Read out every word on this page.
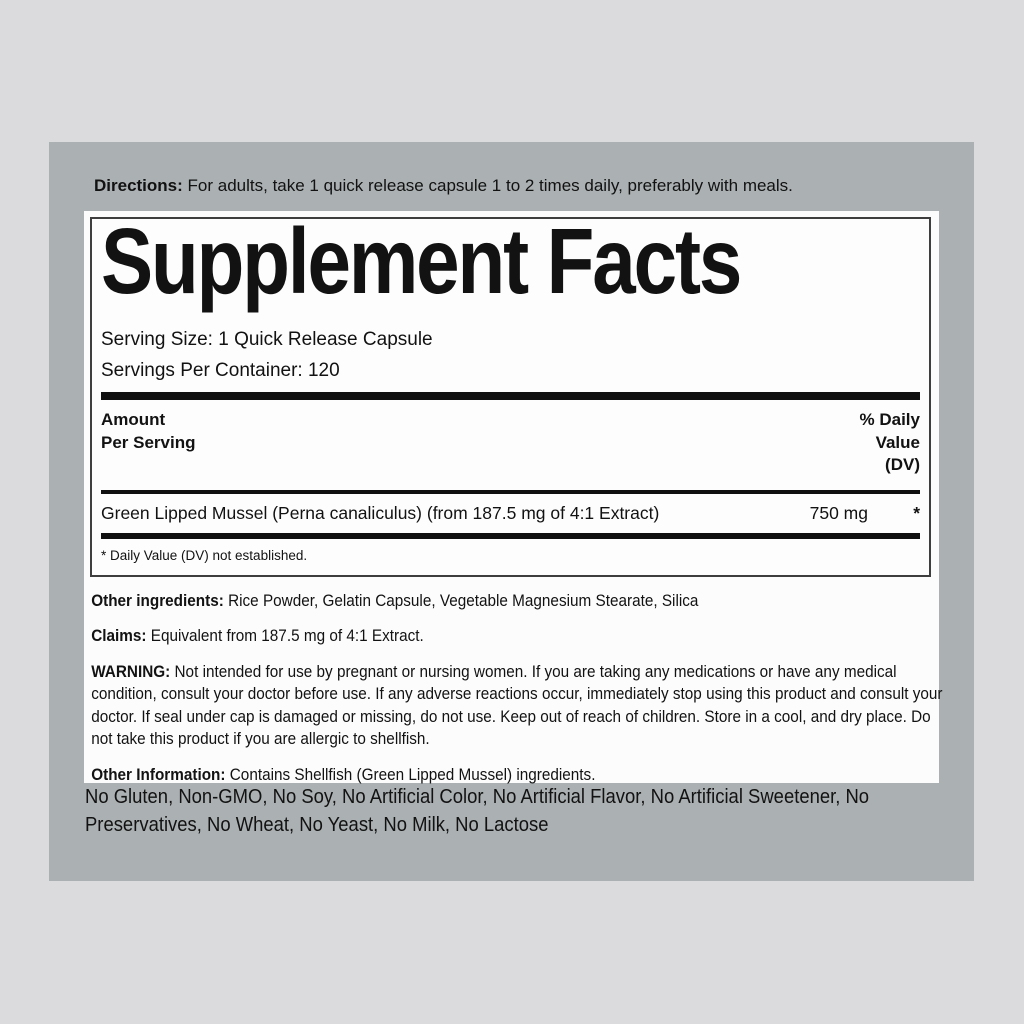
Directions: For adults, take 1 quick release capsule 1 to 2 times daily, preferably with meals.

Supplement Facts

Serving Size: 1 Quick Release Capsule

Servings Per Container: 120

Amount
Per Serving
% Daily
Value
(DV)
Green Lipped Mussel (Perna canaliculus) (from 187.5 mg of 4:1 Extract)	750 mg	*

* Daily Value (DV) not established.

Other ingredients: Rice Powder, Gelatin Capsule, Vegetable Magnesium Stearate, Silica

Claims: Equivalent from 187.5 mg of 4:1 Extract.

WARNING: Not intended for use by pregnant or nursing women. If you are taking any medications or have any medical condition, consult your doctor before use. If any adverse reactions occur, immediately stop using this product and consult your doctor. If seal under cap is damaged or missing, do not use. Keep out of reach of children. Store in a cool, and dry place. Do not take this product if you are allergic to shellfish.

Other Information: Contains Shellfish (Green Lipped Mussel) ingredients.

No Gluten, Non-GMO, No Soy, No Artificial Color, No Artificial Flavor, No Artificial Sweetener, No Preservatives, No Wheat, No Yeast, No Milk, No Lactose
